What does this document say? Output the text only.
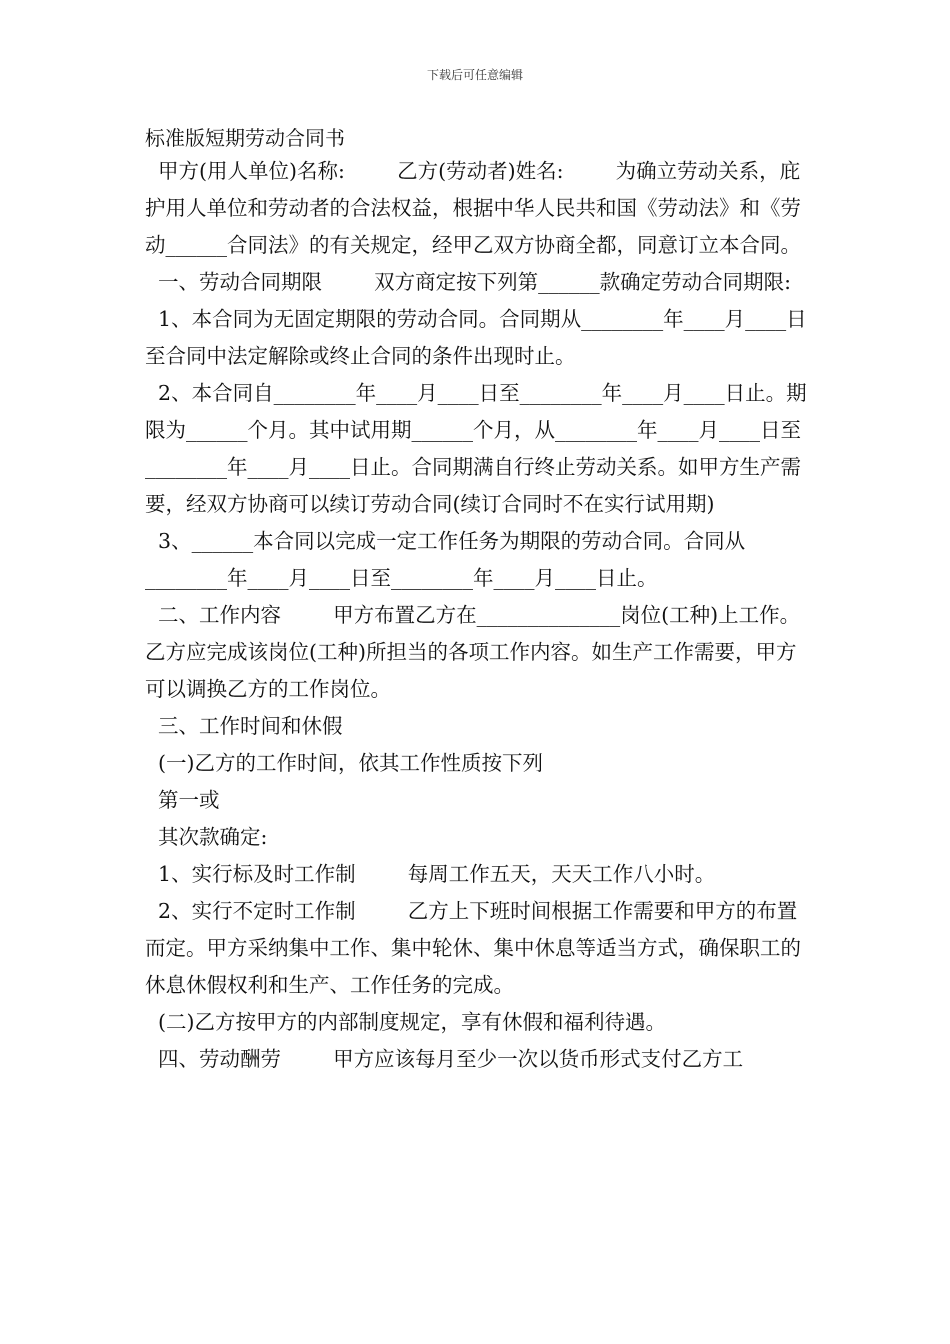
下载后可任意编辑
标准版短期劳动合同书

甲方(用人单位)名称:        乙方(劳动者)姓名:        为确立劳动关系，庇护用人单位和劳动者的合法权益，根据中华人民共和国《劳动法》和《劳动______合同法》的有关规定，经甲乙双方协商全都，同意订立本合同。

一、劳动合同期限        双方商定按下列第______款确定劳动合同期限:

1、本合同为无固定期限的劳动合同。合同期从________年____月____日至合同中法定解除或终止合同的条件出现时止。

2、本合同自________年____月____日至________年____月____日止。期限为______个月。其中试用期______个月，从________年____月____日至________年____月____日止。合同期满自行终止劳动关系。如甲方生产需要，经双方协商可以续订劳动合同(续订合同时不在实行试用期)

3、______本合同以完成一定工作任务为期限的劳动合同。合同从________年____月____日至________年____月____日止。

二、工作内容        甲方布置乙方在______________岗位(工种)上工作。乙方应完成该岗位(工种)所担当的各项工作内容。如生产工作需要，甲方可以调换乙方的工作岗位。

三、工作时间和休假

(一)乙方的工作时间，依其工作性质按下列

第一或

其次款确定:

1、实行标及时工作制        每周工作五天，天天工作八小时。

2、实行不定时工作制        乙方上下班时间根据工作需要和甲方的布置而定。甲方采纳集中工作、集中轮休、集中休息等适当方式，确保职工的休息休假权利和生产、工作任务的完成。

(二)乙方按甲方的内部制度规定，享有休假和福利待遇。

四、劳动酬劳        甲方应该每月至少一次以货币形式支付乙方工
